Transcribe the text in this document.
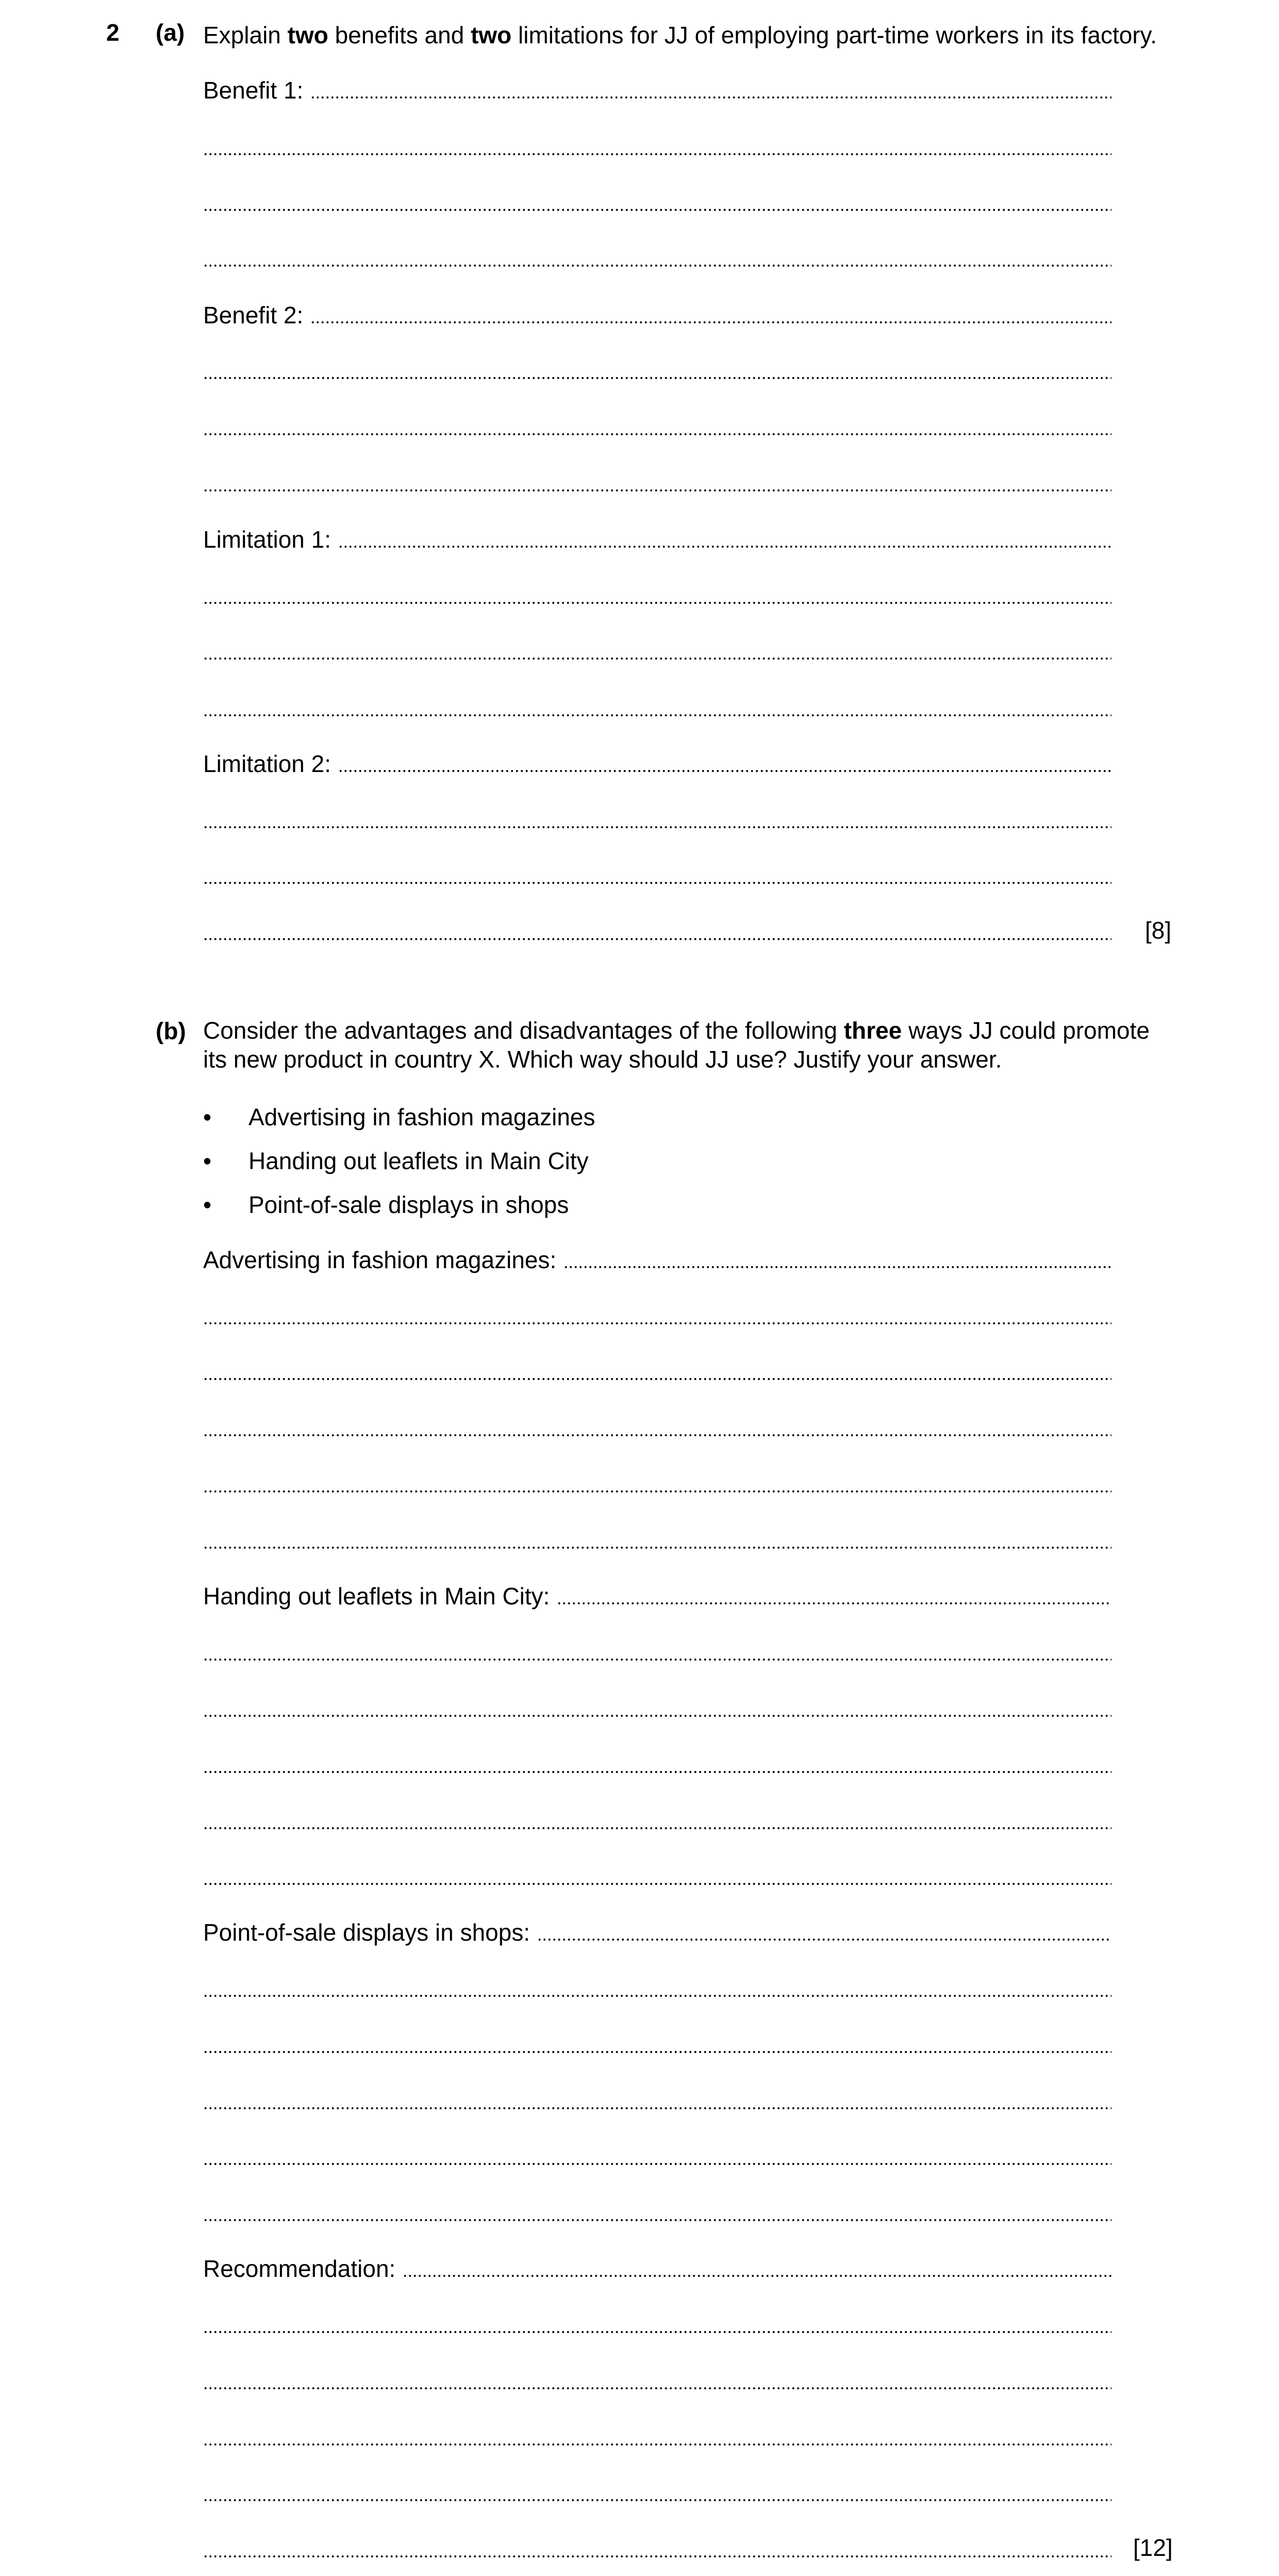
2 (a) Explain two benefits and two limitations for JJ of employing part-time workers in its factory.
Benefit 1:
Benefit 2:
Limitation 1:
Limitation 2:
[8]
(b) Consider the advantages and disadvantages of the following three ways JJ could promote its new product in country X. Which way should JJ use? Justify your answer.
•	Advertising in fashion magazines
•	Handing out leaflets in Main City
•	Point-of-sale displays in shops
Advertising in fashion magazines:
Handing out leaflets in Main City:
Point-of-sale displays in shops:
Recommendation:
[12]
